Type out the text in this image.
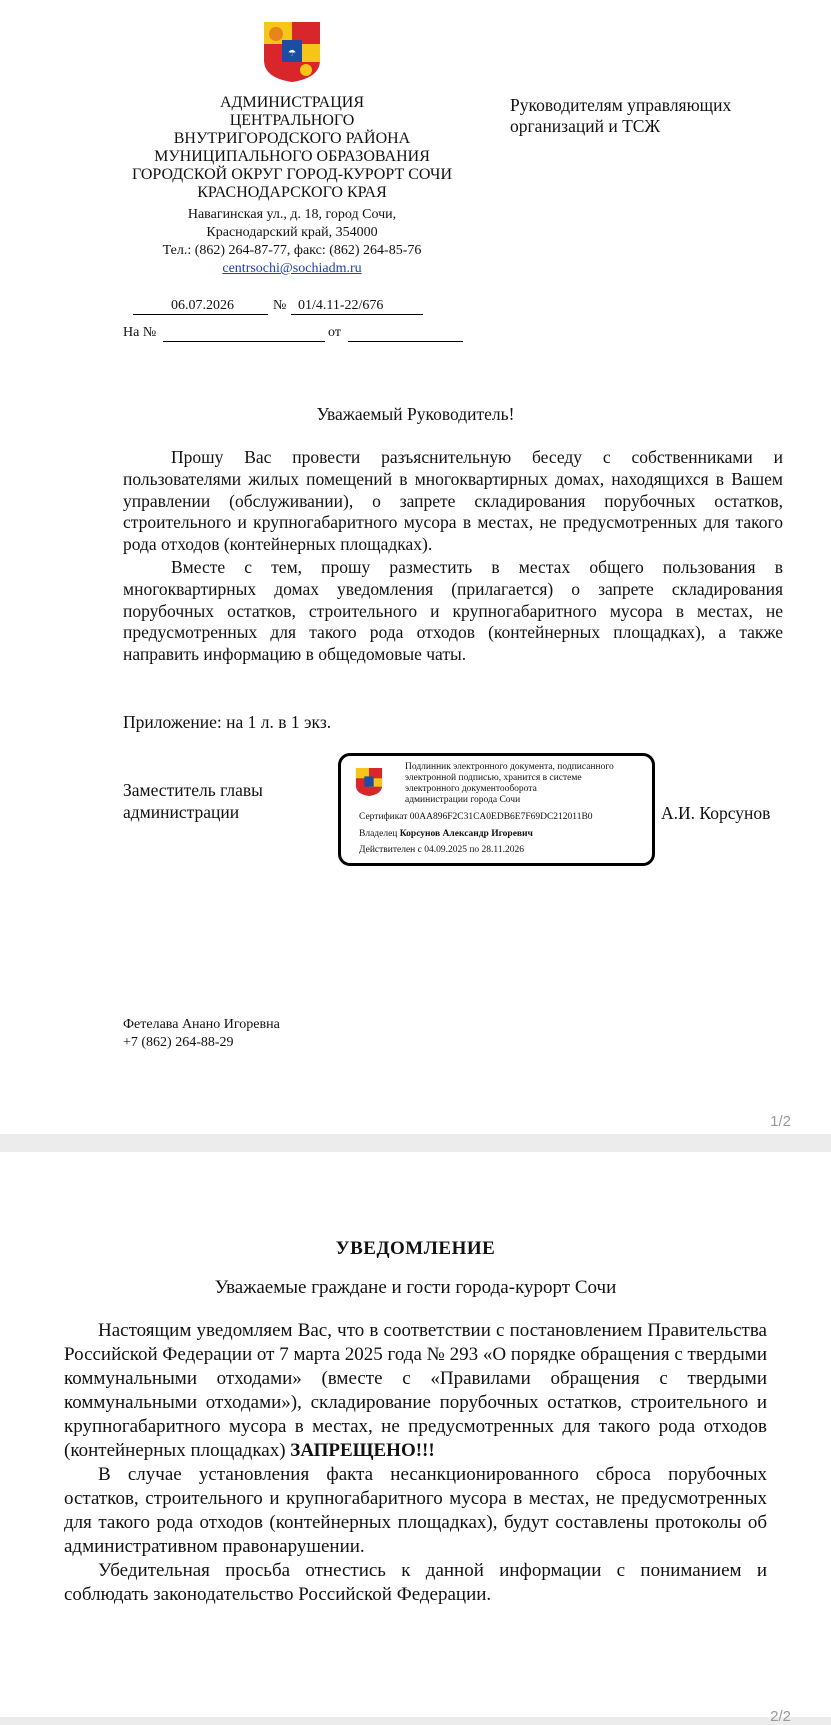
☂
АДМИНИСТРАЦИЯ
ЦЕНТРАЛЬНОГО
ВНУТРИГОРОДСКОГО РАЙОНА
МУНИЦИПАЛЬНОГО ОБРАЗОВАНИЯ
ГОРОДСКОЙ ОКРУГ ГОРОД-КУРОРТ СОЧИ
КРАСНОДАРСКОГО КРАЯ
Навагинская ул., д. 18, город Сочи,
Краснодарский край, 354000
Тел.: (862) 264-87-77, факс: (862) 264-85-76
centrsochi@sochiadm.ru
06.07.2026	№ 01/4.11-22/676
На №	от
Руководителям управляющих
организаций и ТСЖ
Уважаемый Руководитель!
Прошу Вас провести разъяснительную беседу с собственниками и пользователями жилых помещений в многоквартирных домах, находящихся в Вашем управлении (обслуживании), о запрете складирования порубочных остатков, строительного и крупногабаритного мусора в местах, не предусмотренных для такого рода отходов (контейнерных площадках).
Вместе с тем, прошу разместить в местах общего пользования в многоквартирных домах уведомления (прилагается) о запрете складирования порубочных остатков, строительного и крупногабаритного мусора в местах, не предусмотренных для такого рода отходов (контейнерных площадках), а также направить информацию в общедомовые чаты.
Приложение: на 1 л. в 1 экз.
Заместитель главы
администрации	А.И. Корсунов
Подлинник электронного документа, подписанного
электронной подписью, хранится в системе
электронного документооборота
администрации города Сочи
Сертификат 00AA896F2C31CA0EDB6E7F69DC212011B0
Владелец Корсунов Александр Игоревич
Действителен с 04.09.2025 по 28.11.2026
Фетелава Анано Игоревна
+7 (862) 264-88-29
1/2
УВЕДОМЛЕНИЕ
Уважаемые граждане и гости города-курорт Сочи
Настоящим уведомляем Вас, что в соответствии с постановлением Правительства Российской Федерации от 7 марта 2025 года № 293 «О порядке обращения с твердыми коммунальными отходами» (вместе с «Правилами обращения с твердыми коммунальными отходами»), складирование порубочных остатков, строительного и крупногабаритного мусора в местах, не предусмотренных для такого рода отходов (контейнерных площадках) ЗАПРЕЩЕНО!!!
В случае установления факта несанкционированного сброса порубочных остатков, строительного и крупногабаритного мусора в местах, не предусмотренных для такого рода отходов (контейнерных площадках), будут составлены протоколы об административном правонарушении.
Убедительная просьба отнестись к данной информации с пониманием и соблюдать законодательство Российской Федерации.
2/2
